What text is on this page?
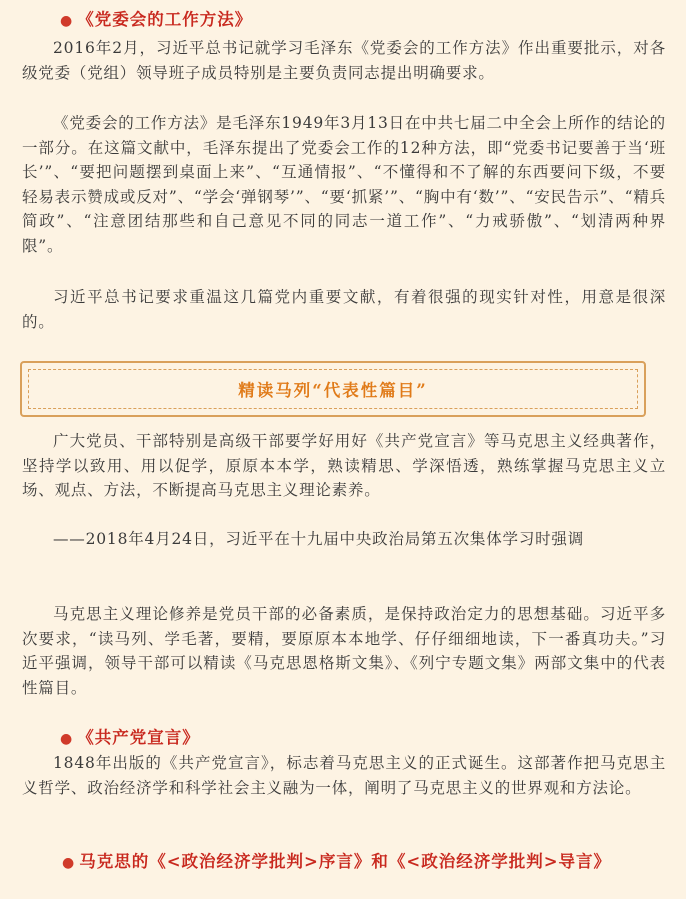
● 《党委会的工作方法》

2016年2月，习近平总书记就学习毛泽东《党委会的工作方法》作出重要批示，对各级党委（党组）领导班子成员特别是主要负责同志提出明确要求。

《党委会的工作方法》是毛泽东1949年3月13日在中共七届二中全会上所作的结论的一部分。在这篇文献中，毛泽东提出了党委会工作的12种方法，即“党委书记要善于当‘班长’”、“要把问题摆到桌面上来”、“互通情报”、“不懂得和不了解的东西要问下级，不要轻易表示赞成或反对”、“学会‘弹钢琴’”、“要‘抓紧’”、“胸中有‘数’”、“安民告示”、“精兵简政”、“注意团结那些和自己意见不同的同志一道工作”、“力戒骄傲”、“划清两种界限”。

习近平总书记要求重温这几篇党内重要文献，有着很强的现实针对性，用意是很深的。

精读马列“代表性篇目”

广大党员、干部特别是高级干部要学好用好《共产党宣言》等马克思主义经典著作，坚持学以致用、用以促学，原原本本学，熟读精思、学深悟透，熟练掌握马克思主义立场、观点、方法，不断提高马克思主义理论素养。

——2018年4月24日，习近平在十九届中央政治局第五次集体学习时强调

马克思主义理论修养是党员干部的必备素质，是保持政治定力的思想基础。习近平多次要求，“读马列、学毛著，要精，要原原本本地学、仔仔细细地读，下一番真功夫。”习近平强调，领导干部可以精读《马克思恩格斯文集》、《列宁专题文集》两部文集中的代表性篇目。

● 《共产党宣言》

1848年出版的《共产党宣言》，标志着马克思主义的正式诞生。这部著作把马克思主义哲学、政治经济学和科学社会主义融为一体，阐明了马克思主义的世界观和方法论。

● 马克思的《<政治经济学批判>序言》和《<政治经济学批判>导言》
